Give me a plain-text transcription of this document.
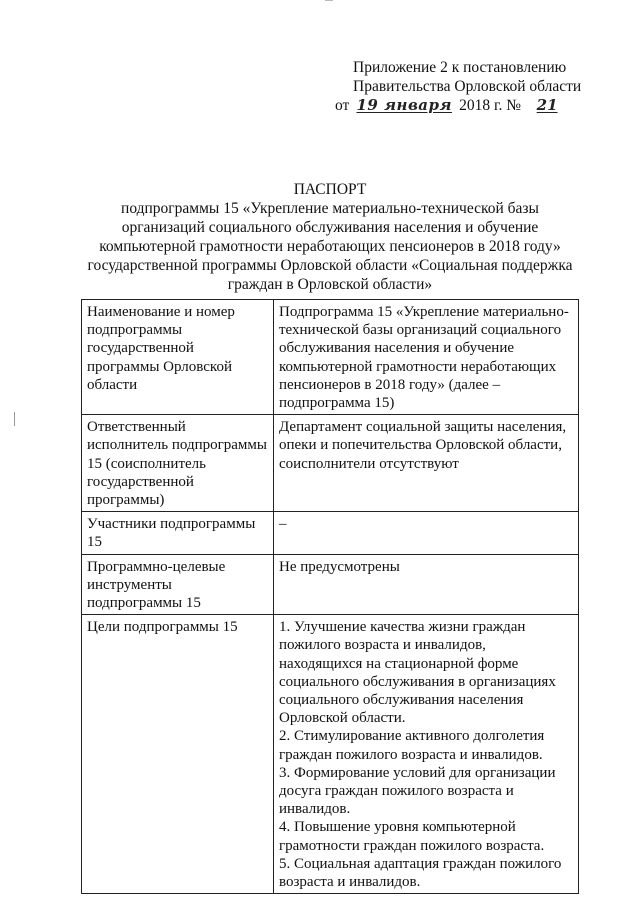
Приложение 2 к постановлению
Правительства Орловской области
от 19 января 2018 г. № 21
ПАСПОРТ
подпрограммы 15 «Укрепление материально-технической базы организаций социального обслуживания населения и обучение компьютерной грамотности неработающих пенсионеров в 2018 году» государственной программы Орловской области «Социальная поддержка граждан в Орловской области»
Наименование и номер подпрограммы государственной программы Орловской области	Подпрограмма 15 «Укрепление материально-технической базы организаций социального обслуживания населения и обучение компьютерной грамотности неработающих пенсионеров в 2018 году» (далее – подпрограмма 15)
Ответственный исполнитель подпрограммы 15 (соисполнитель государственной программы)	Департамент социальной защиты населения, опеки и попечительства Орловской области, соисполнители отсутствуют
Участники подпрограммы 15	–
Программно-целевые инструменты подпрограммы 15	Не предусмотрены
Цели подпрограммы 15	1. Улучшение качества жизни граждан пожилого возраста и инвалидов, находящихся на стационарной форме социального обслуживания в организациях социального обслуживания населения Орловской области.
2. Стимулирование активного долголетия граждан пожилого возраста и инвалидов.
3. Формирование условий для организации досуга граждан пожилого возраста и инвалидов.
4. Повышение уровня компьютерной грамотности граждан пожилого возраста.
5. Социальная адаптация граждан пожилого возраста и инвалидов.
